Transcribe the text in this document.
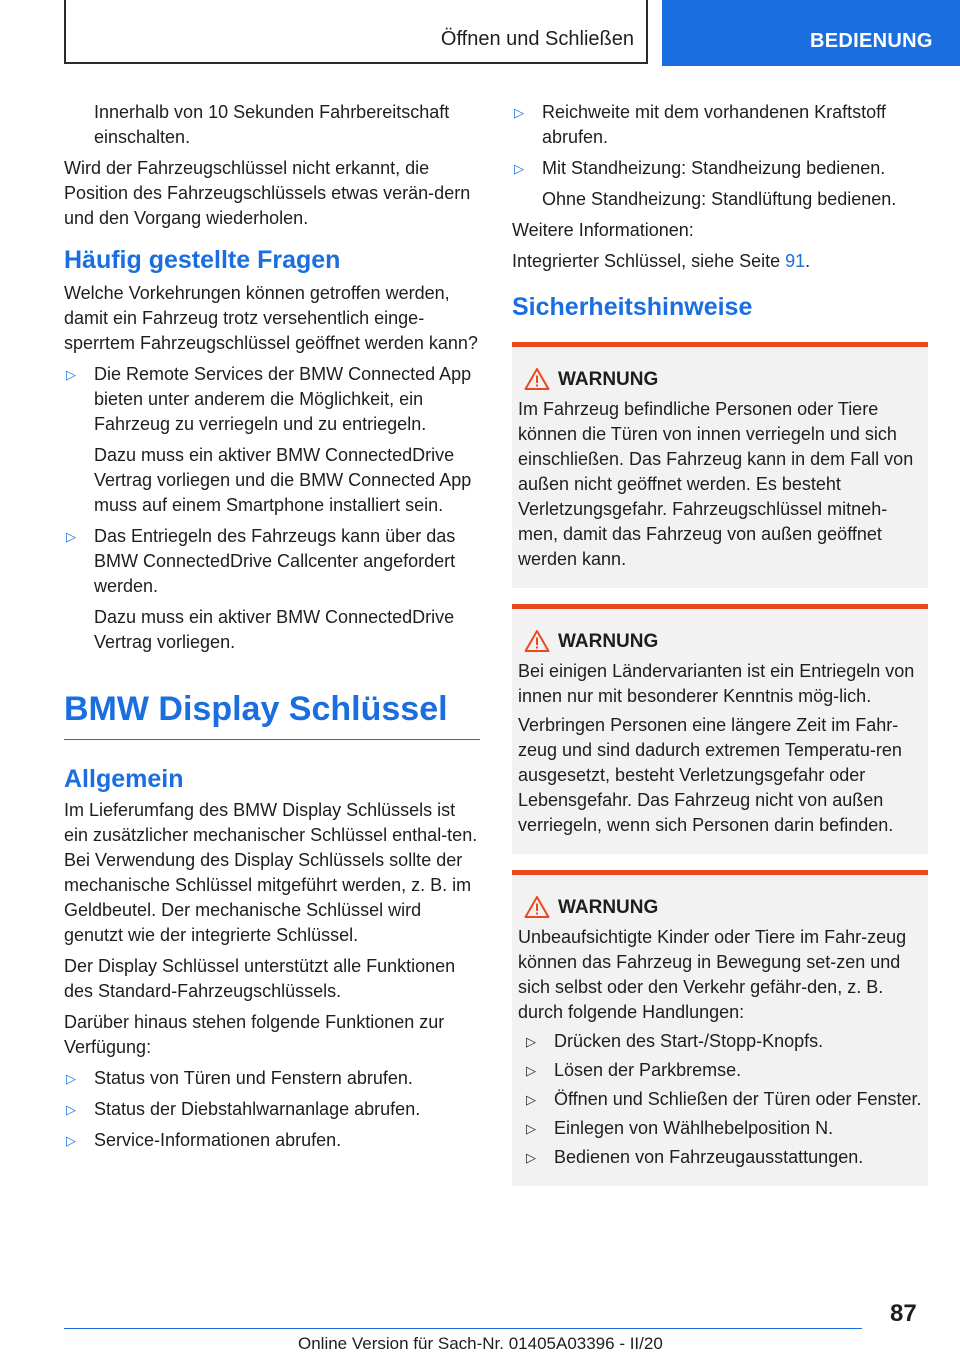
Öffnen und Schließen	BEDIENUNG

Innerhalb von 10 Sekunden Fahrbereitschaft einschalten.

Wird der Fahrzeugschlüssel nicht erkannt, die Position des Fahrzeugschlüssels etwas verän‐dern und den Vorgang wiederholen.

Häufig gestellte Fragen

Welche Vorkehrungen können getroffen werden, damit ein Fahrzeug trotz versehentlich einge‐sperrtem Fahrzeugschlüssel geöffnet werden kann?

▷ Die Remote Services der BMW Connected App bieten unter anderem die Möglichkeit, ein Fahrzeug zu verriegeln und zu entriegeln.

Dazu muss ein aktiver BMW ConnectedDrive Vertrag vorliegen und die BMW Connected App muss auf einem Smartphone installiert sein.

▷ Das Entriegeln des Fahrzeugs kann über das BMW ConnectedDrive Callcenter angefordert werden.

Dazu muss ein aktiver BMW ConnectedDrive Vertrag vorliegen.

BMW Display Schlüssel
Allgemein

Im Lieferumfang des BMW Display Schlüssels ist ein zusätzlicher mechanischer Schlüssel enthal‐ten. Bei Verwendung des Display Schlüssels sollte der mechanische Schlüssel mitgeführt werden, z. B. im Geldbeutel. Der mechanische Schlüssel wird genutzt wie der integrierte Schlüssel.

Der Display Schlüssel unterstützt alle Funktionen des Standard-Fahrzeugschlüssels.

Darüber hinaus stehen folgende Funktionen zur Verfügung:

▷ Status von Türen und Fenstern abrufen.

▷ Status der Diebstahlwarnanlage abrufen.

▷ Service-Informationen abrufen.

▷ Reichweite mit dem vorhandenen Kraftstoff abrufen.

▷ Mit Standheizung: Standheizung bedienen.

Ohne Standheizung: Standlüftung bedienen.

Weitere Informationen:

Integrierter Schlüssel, siehe Seite 91.

Sicherheitshinweise
WARNUNG

Im Fahrzeug befindliche Personen oder Tiere können die Türen von innen verriegeln und sich einschließen. Das Fahrzeug kann in dem Fall von außen nicht geöffnet werden. Es besteht Verletzungsgefahr. Fahrzeugschlüssel mitneh‐men, damit das Fahrzeug von außen geöffnet werden kann.

WARNUNG

Bei einigen Ländervarianten ist ein Entriegeln von innen nur mit besonderer Kenntnis mög‐lich.

Verbringen Personen eine längere Zeit im Fahr‐zeug und sind dadurch extremen Temperatu‐ren ausgesetzt, besteht Verletzungsgefahr oder Lebensgefahr. Das Fahrzeug nicht von außen verriegeln, wenn sich Personen darin befinden.

WARNUNG

Unbeaufsichtigte Kinder oder Tiere im Fahr‐zeug können das Fahrzeug in Bewegung set‐zen und sich selbst oder den Verkehr gefähr‐den, z. B. durch folgende Handlungen:

▷ Drücken des Start-/Stopp-Knopfs.

▷ Lösen der Parkbremse.

▷ Öffnen und Schließen der Türen oder Fenster.

▷ Einlegen von Wählhebelposition N.

▷ Bedienen von Fahrzeugausstattungen.

87
Online Version für Sach-Nr. 01405A03396 - II/20
